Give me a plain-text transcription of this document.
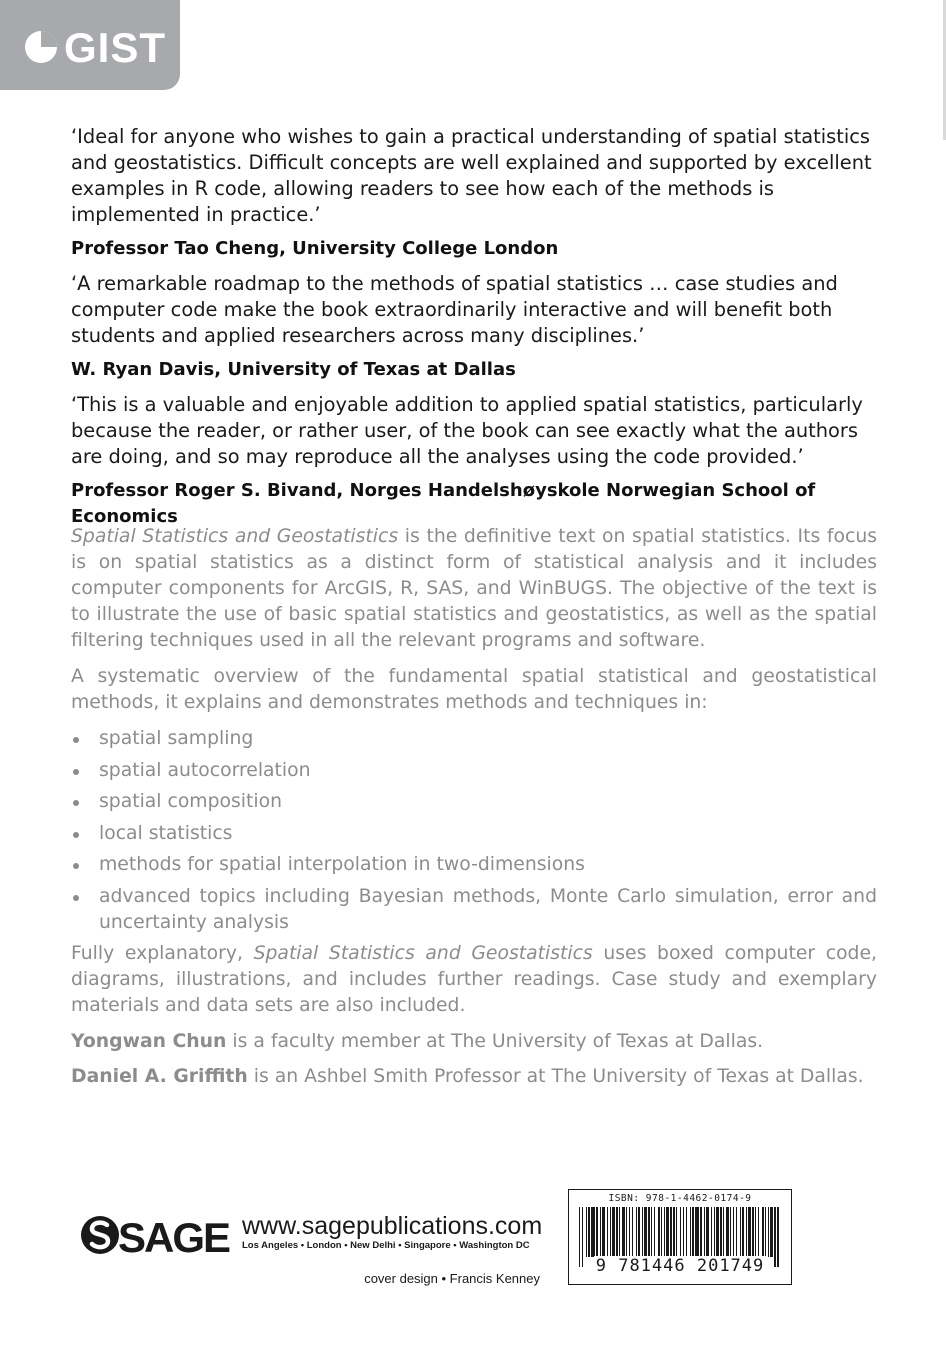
GIST

‘Ideal for anyone who wishes to gain a practical understanding of spatial statistics and geostatistics. Difficult concepts are well explained and supported by excellent examples in R code, allowing readers to see how each of the methods is implemented in practice.’

Professor Tao Cheng, University College London

‘A remarkable roadmap to the methods of spatial statistics … case studies and computer code make the book extraordinarily interactive and will benefit both students and applied researchers across many disciplines.’

W. Ryan Davis, University of Texas at Dallas

‘This is a valuable and enjoyable addition to applied spatial statistics, particularly because the reader, or rather user, of the book can see exactly what the authors are doing, and so may reproduce all the analyses using the code provided.’

Professor Roger S. Bivand, Norges Handelshøyskole Norwegian School of Economics

Spatial Statistics and Geostatistics is the definitive text on spatial statistics. Its focus is on spatial statistics as a distinct form of statistical analysis and it includes computer components for ArcGIS, R, SAS, and WinBUGS. The objective of the text is to illustrate the use of basic spatial statistics and geostatistics, as well as the spatial filtering techniques used in all the relevant programs and software.

A systematic overview of the fundamental spatial statistical and geostatistical methods, it explains and demonstrates methods and techniques in:

spatial sampling
spatial autocorrelation
spatial composition
local statistics
methods for spatial interpolation in two-dimensions
advanced topics including Bayesian methods, Monte Carlo simulation, error and uncertainty analysis

Fully explanatory, Spatial Statistics and Geostatistics uses boxed computer code, diagrams, illustrations, and includes further readings. Case study and exemplary materials and data sets are also included.

Yongwan Chun is a faculty member at The University of Texas at Dallas.

Daniel A. Griffith is an Ashbel Smith Professor at The University of Texas at Dallas.

SAGE www.sagepublications.com
Los Angeles • London • New Delhi • Singapore • Washington DC
cover design • Francis Kenney
ISBN: 978-1-4462-0174-9
9 781446 201749
